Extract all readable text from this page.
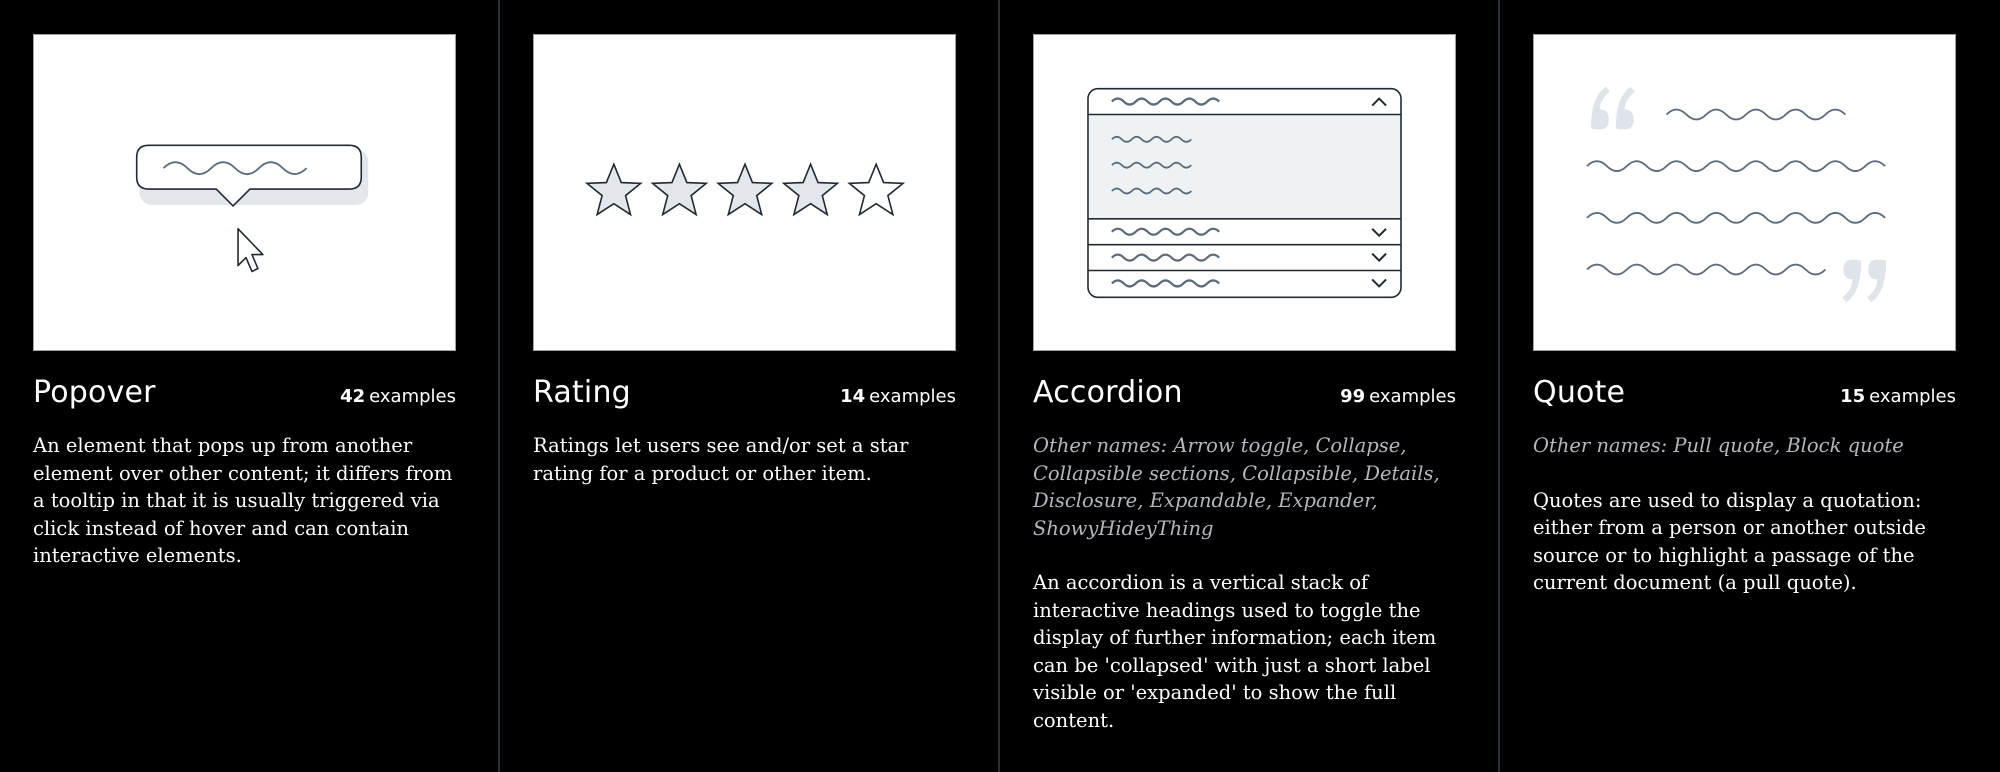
Popover	42 examples
An element that pops up from another element over other content; it differs from a tooltip in that it is usually triggered via click instead of hover and can contain interactive elements.
Rating	14 examples
Ratings let users see and/or set a star rating for a product or other item.
Accordion	99 examples
Other names: Arrow toggle, Collapse, Collapsible sections, Collapsible, Details, Disclosure, Expandable, Expander, ShowyHideyThing
An accordion is a vertical stack of interactive headings used to toggle the display of further information; each item can be 'collapsed' with just a short label visible or 'expanded' to show the full content.
Quote	15 examples
Other names: Pull quote, Block quote
Quotes are used to display a quotation: either from a person or another outside source or to highlight a passage of the current document (a pull quote).
